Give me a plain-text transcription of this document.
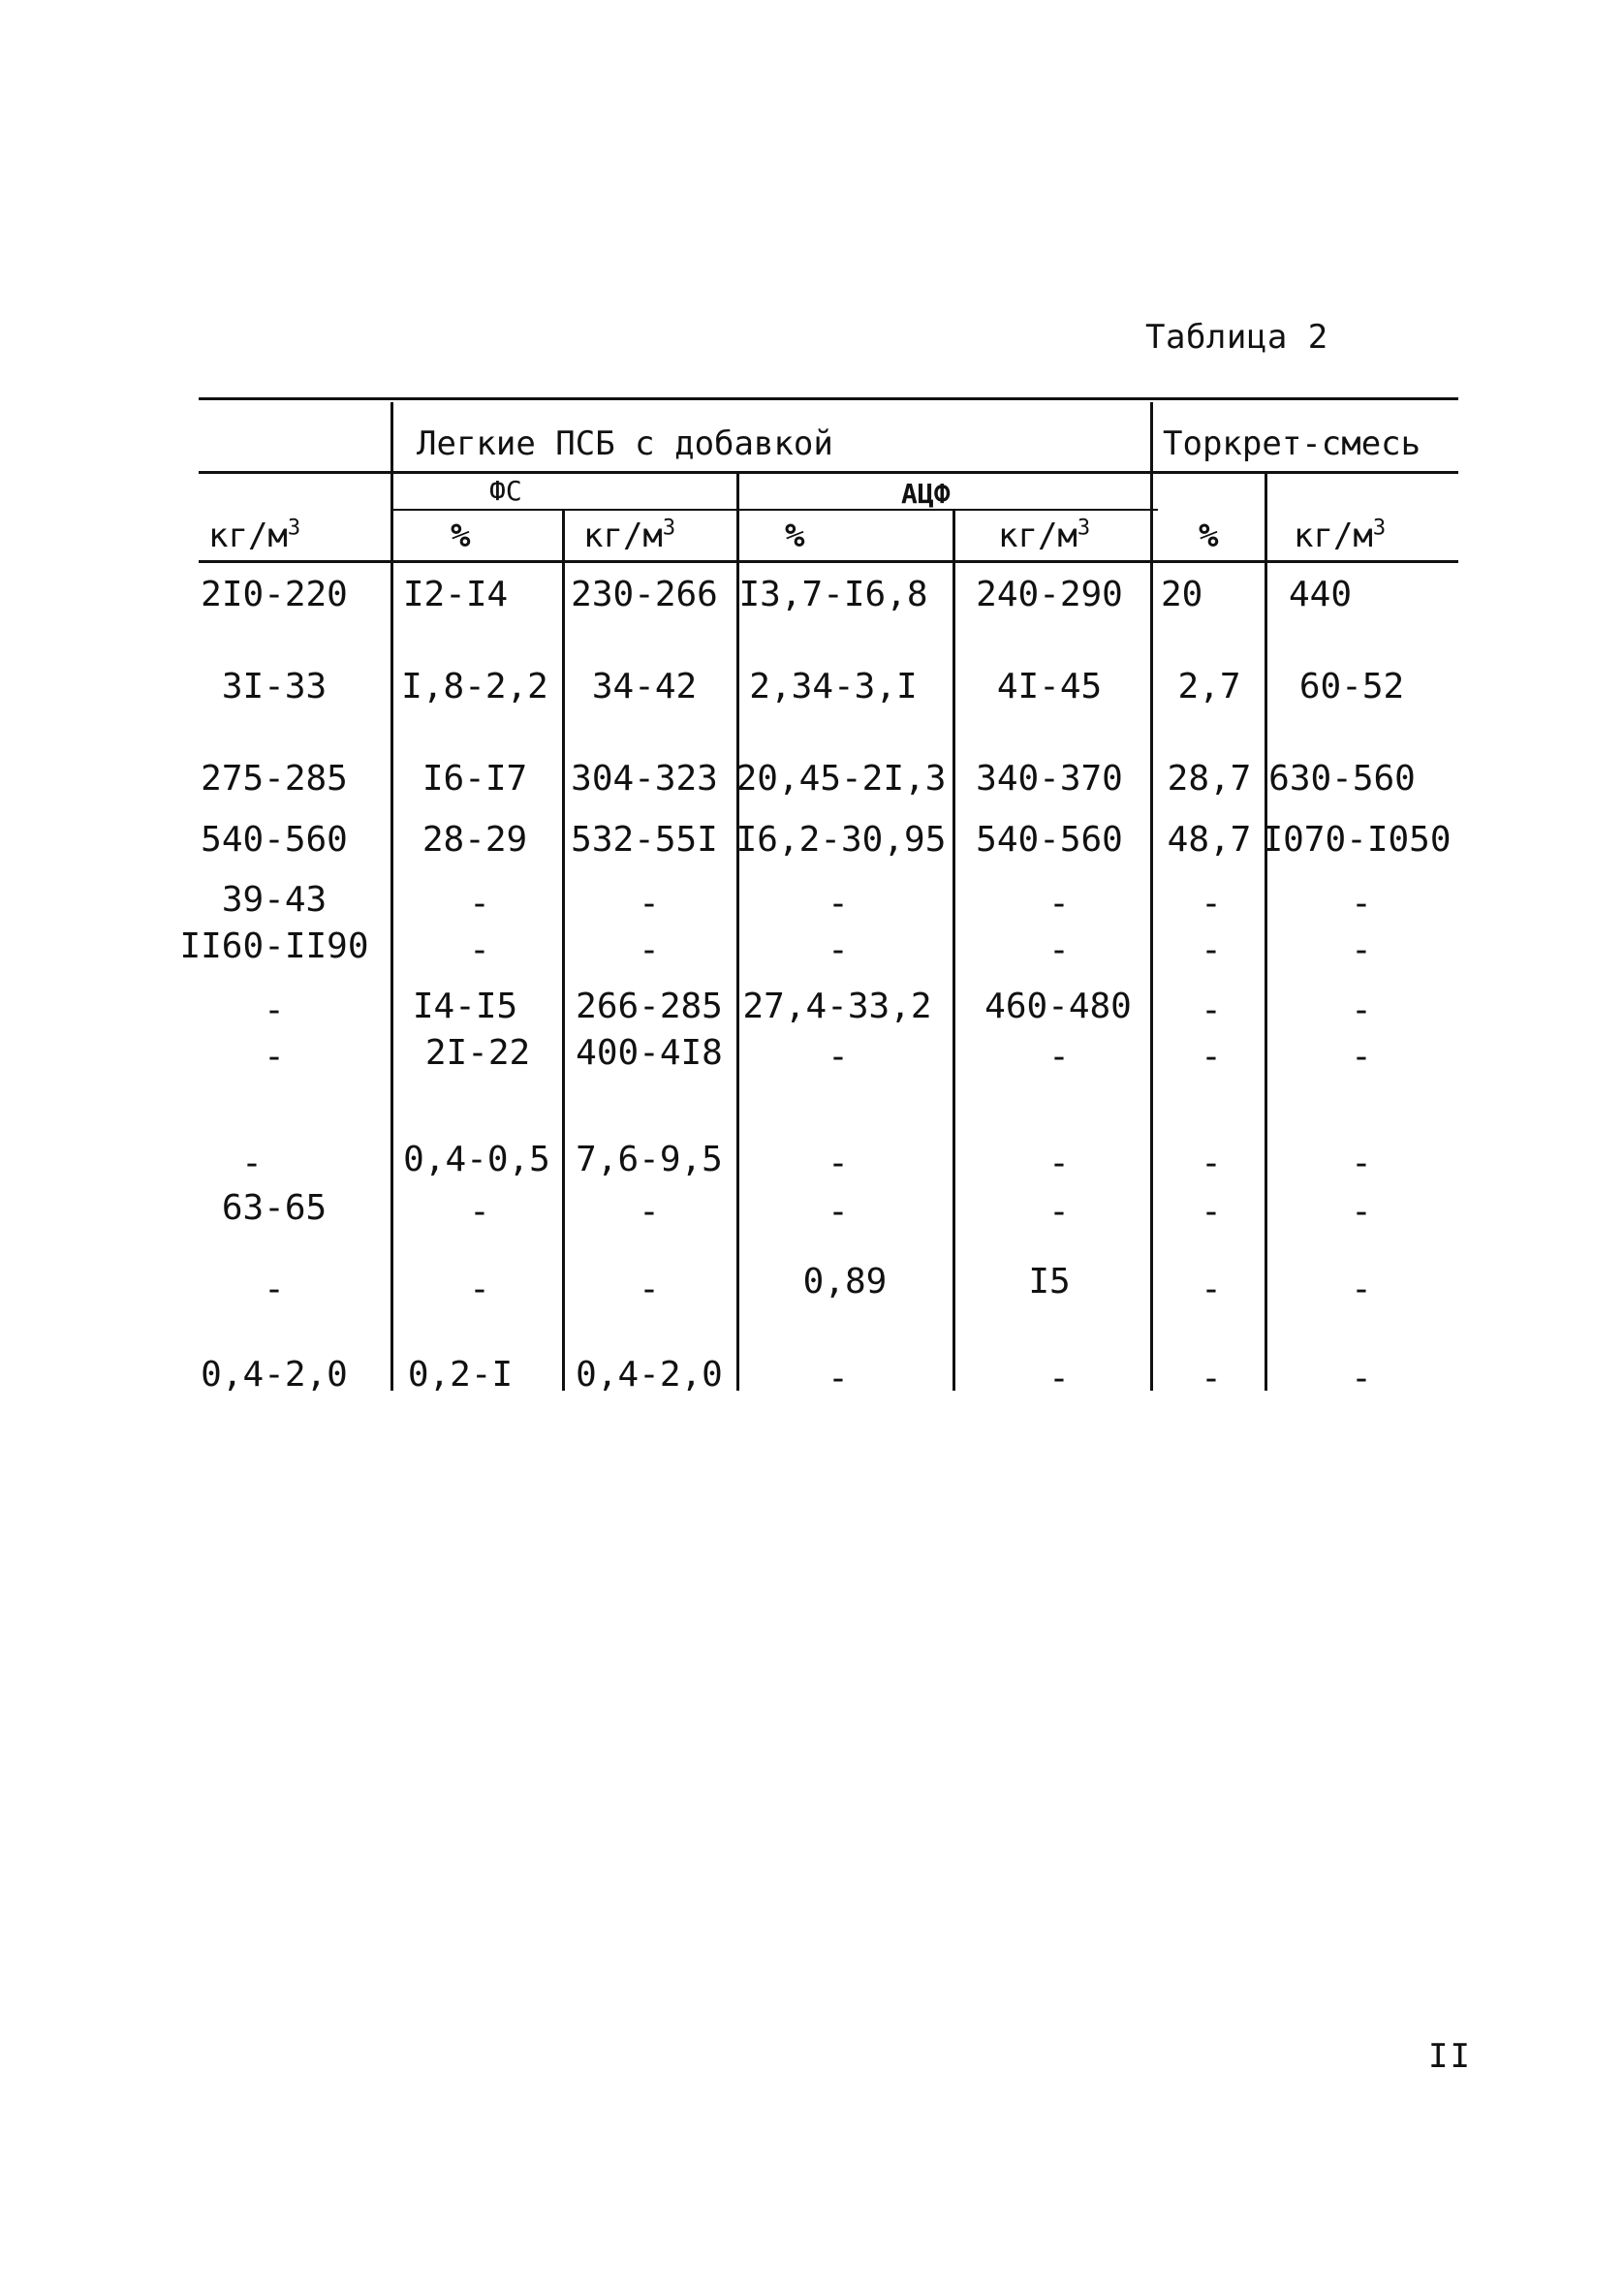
Таблица 2
Легкие ПСБ с добавкой	Торкрет-смесь
ФС	АЦФ
$кг/м^3$	%	$кг/м^3$	%	$кг/м^3$	% $кг/м^3$
2I0-220 I2-I4 230-266 I3,7-I6,8 240-290 20 440
3I-33 I,8-2,2 34-42 2,34-3,I 4I-45 2,7 60-52
275-285 I6-I7 304-323 20,45-2I,3 340-370 28,7 630-560
540-560 28-29 532-55I I6,2-30,95 540-560 48,7 I070-I050
39-43	-	-	-	-	-	-
II60-II90	-	-	-	-	-	-
-	I4-I5 266-285 27,4-33,2 460-480 -	-
-	2I-22 400-4I8	-	-	-	-
-	0,4-0,5 7,6-9,5	-	-	-	-
63-65	-	-	-	-	-	-
-	-	-	0,89	I5	-	-
0,4-2,0 0,2-I 0,4-2,0	-	-	-	-
II
